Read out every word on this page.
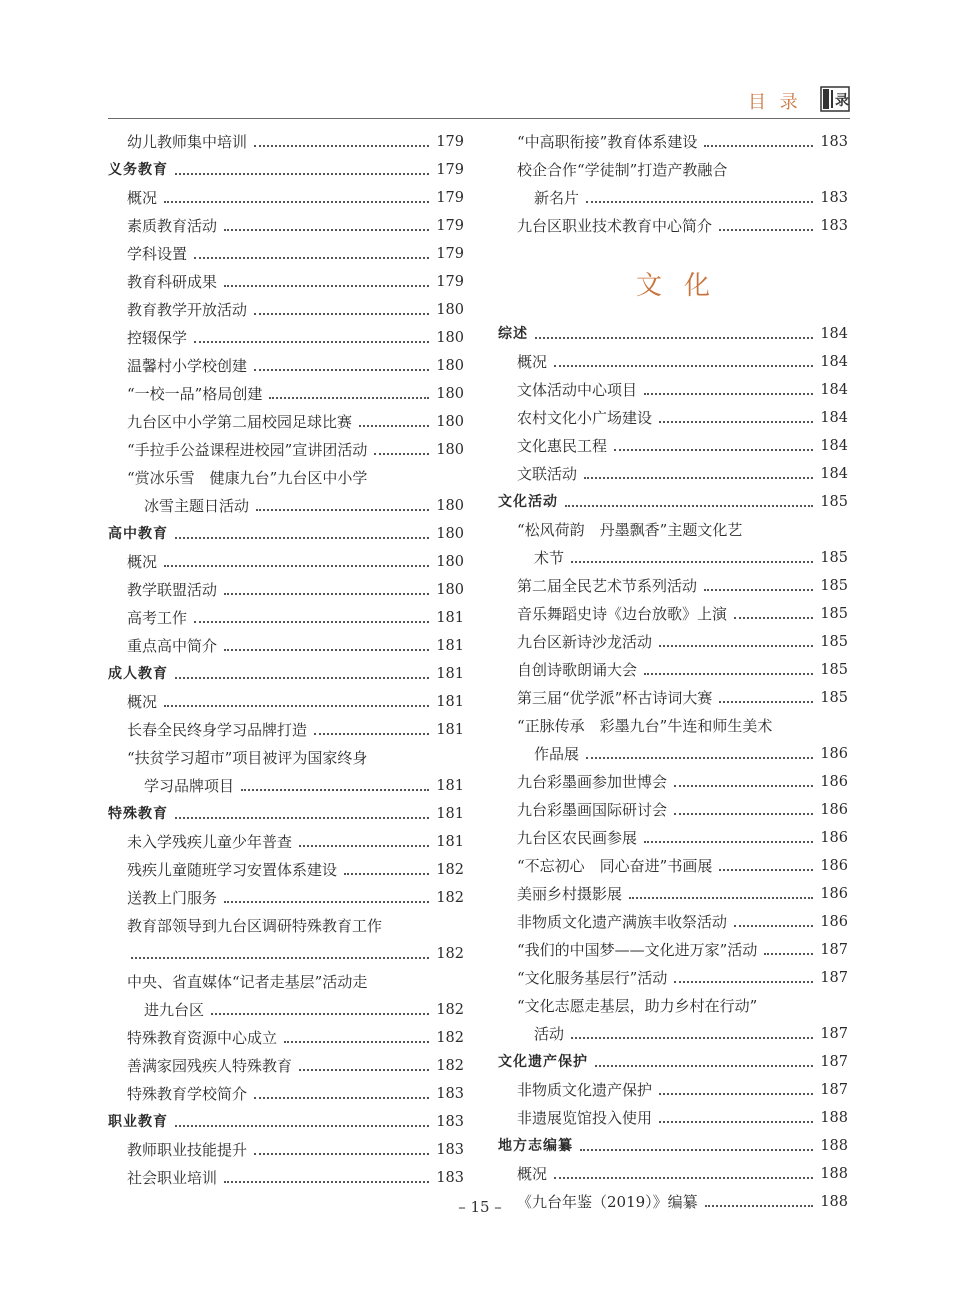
目 录 录
幼儿教师集中培训	179
义务教育	179
概况	179
素质教育活动	179
学科设置	179
教育科研成果	179
教育教学开放活动	180
控辍保学	180
温馨村小学校创建	180
“一校一品”格局创建	180
九台区中小学第二届校园足球比赛	180
“手拉手公益课程进校园”宣讲团活动	180
“赏冰乐雪　健康九台”九台区中小学
冰雪主题日活动	180
高中教育	180
概况	180
教学联盟活动	180
高考工作	181
重点高中简介	181
成人教育	181
概况	181
长春全民终身学习品牌打造	181
“扶贫学习超市”项目被评为国家终身
学习品牌项目	181
特殊教育	181
未入学残疾儿童少年普查	181
残疾儿童随班学习安置体系建设	182
送教上门服务	182
教育部领导到九台区调研特殊教育工作
182
中央、省直媒体“记者走基层”活动走
进九台区	182
特殊教育资源中心成立	182
善满家园残疾人特殊教育	182
特殊教育学校简介	183
职业教育	183
教师职业技能提升	183
社会职业培训	183
“中高职衔接”教育体系建设	183
校企合作“学徒制”打造产教融合
新名片	183
九台区职业技术教育中心简介	183
文化
综述	184
概况	184
文体活动中心项目	184
农村文化小广场建设	184
文化惠民工程	184
文联活动	184
文化活动	185
“松风荷韵　丹墨飘香”主题文化艺
术节	185
第二届全民艺术节系列活动	185
音乐舞蹈史诗《边台放歌》上演	185
九台区新诗沙龙活动	185
自创诗歌朗诵大会	185
第三届“优学派”杯古诗词大赛	185
“正脉传承　彩墨九台”牛连和师生美术
作品展	186
九台彩墨画参加世博会	186
九台彩墨画国际研讨会	186
九台区农民画参展	186
“不忘初心　同心奋进”书画展	186
美丽乡村摄影展	186
非物质文化遗产满族丰收祭活动	186
“我们的中国梦——文化进万家”活动	187
“文化服务基层行”活动	187
“文化志愿走基层，助力乡村在行动”
活动	187
文化遗产保护	187
非物质文化遗产保护	187
非遗展览馆投入使用	188
地方志编纂	188
概况	188
《九台年鉴（2019）》编纂	188
– 15 –
